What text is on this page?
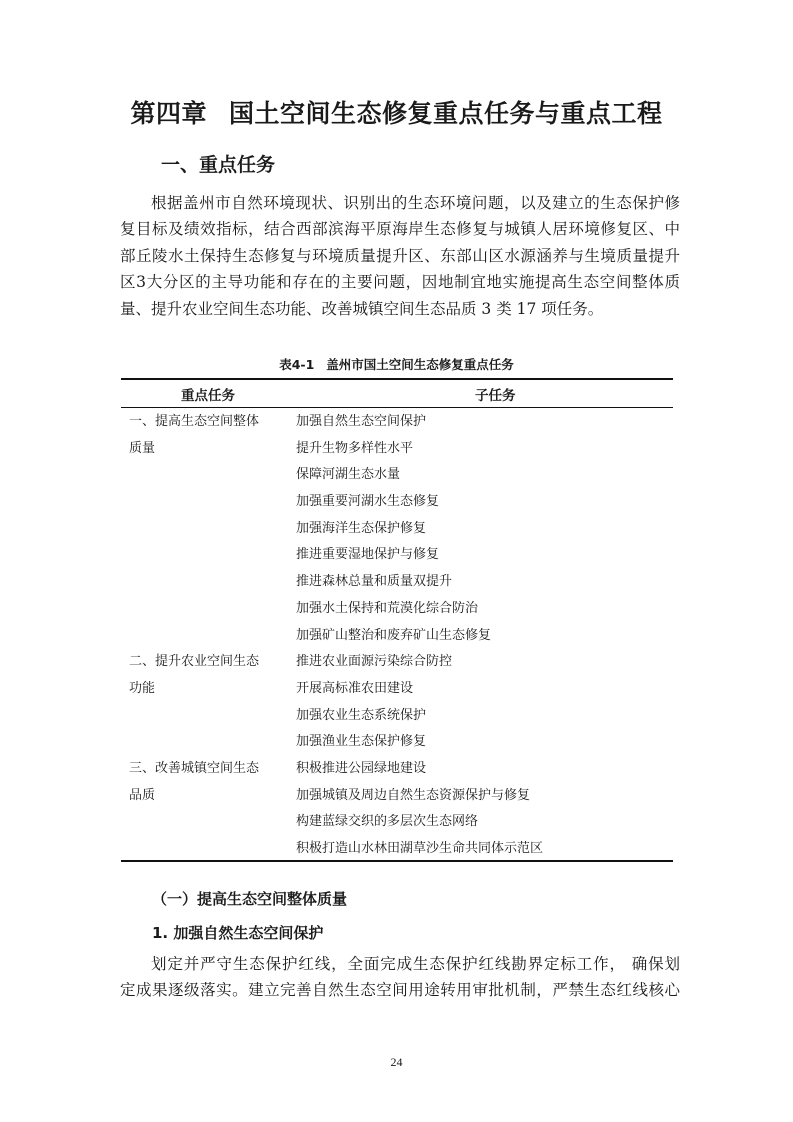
第四章 国土空间生态修复重点任务与重点工程
一、重点任务
根据盖州市自然环境现状、识别出的生态环境问题，以及建立的生态保护修
复目标及绩效指标，结合西部滨海平原海岸生态修复与城镇人居环境修复区、中
部丘陵水土保持生态修复与环境质量提升区、东部山区水源涵养与生境质量提升
区3大分区的主导功能和存在的主要问题，因地制宜地实施提高生态空间整体质
量、提升农业空间生态功能、改善城镇空间生态品质 3 类 17 项任务。
表4-1 盖州市国土空间生态修复重点任务
重点任务	子任务
一、提高生态空间整体
质量
加强自然生态空间保护
提升生物多样性水平
保障河湖生态水量
加强重要河湖水生态修复
加强海洋生态保护修复
推进重要湿地保护与修复
推进森林总量和质量双提升
加强水土保持和荒漠化综合防治
加强矿山整治和废弃矿山生态修复
二、提升农业空间生态
功能
推进农业面源污染综合防控
开展高标准农田建设
加强农业生态系统保护
加强渔业生态保护修复
三、改善城镇空间生态
品质
积极推进公园绿地建设
加强城镇及周边自然生态资源保护与修复
构建蓝绿交织的多层次生态网络
积极打造山水林田湖草沙生命共同体示范区
（一）提高生态空间整体质量
1. 加强自然生态空间保护
划定并严守生态保护红线，全面完成生态保护红线勘界定标工作， 确保划
定成果逐级落实。建立完善自然生态空间用途转用审批机制，严禁生态红线核心
24
